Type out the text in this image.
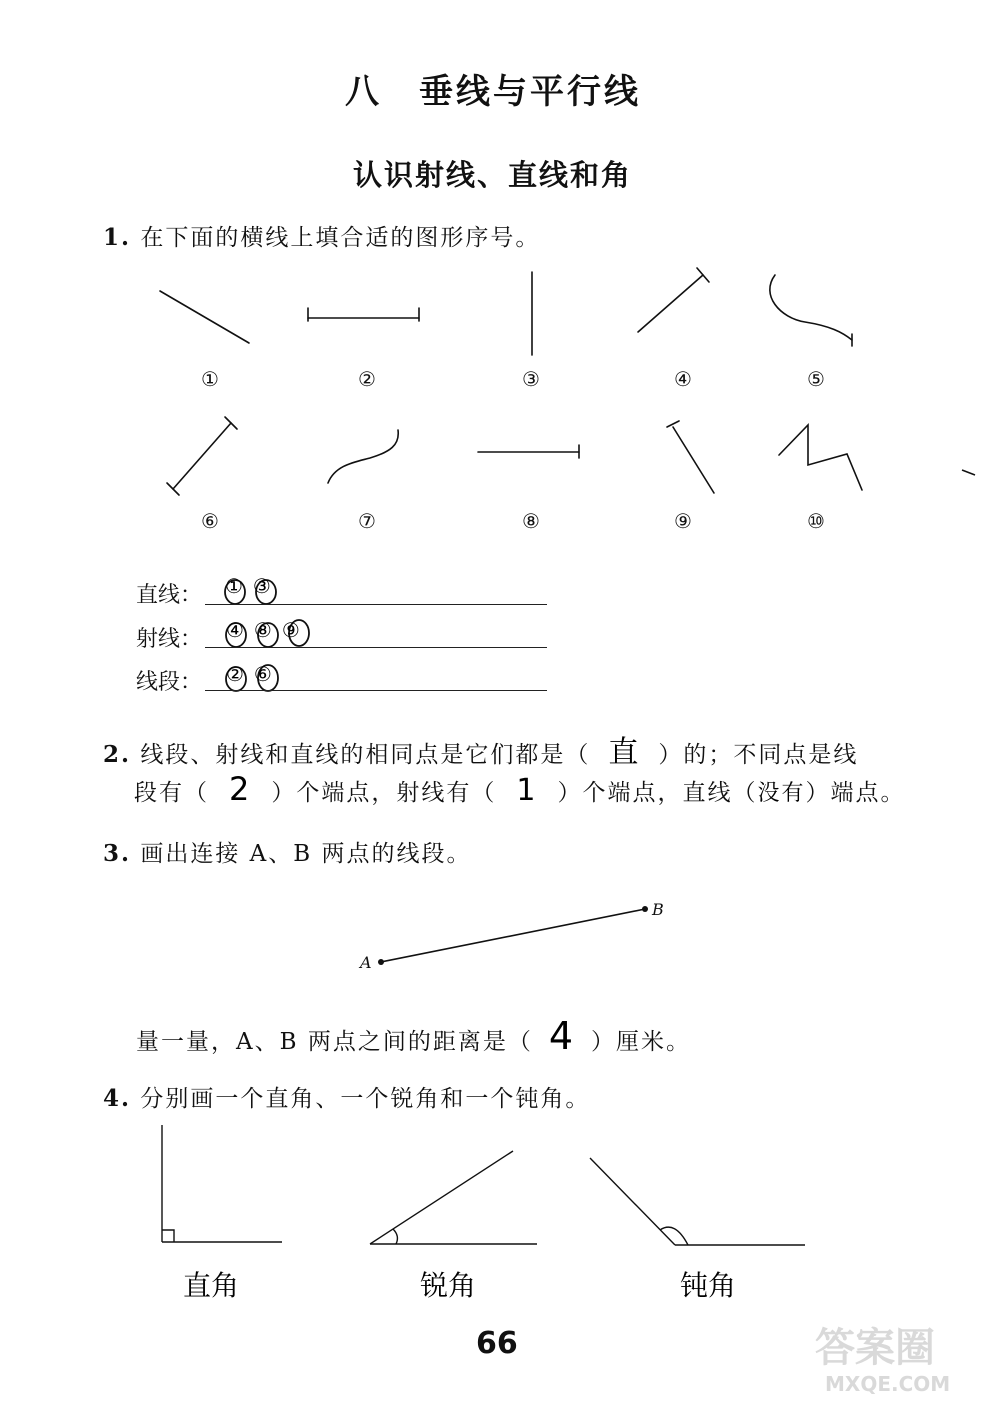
八　垂线与平行线
认识射线、直线和角
1. 在下面的横线上填合适的图形序号。
①	②	③	④	⑤
⑥	⑦	⑧	⑨	⑩
直线： ①③
射线： ④⑧⑨
线段： ②⑥
2. 线段、射线和直线的相同点是它们都是（ 直 ）的；不同点是线
段有（ 2 ）个端点，射线有（ 1 ）个端点，直线（没有）端点。
3. 画出连接 A、B 两点的线段。
A
B
量一量，A、B 两点之间的距离是（ 4 ）厘米。
4. 分别画一个直角、一个锐角和一个钝角。
直角	锐角	钝角
66	答案圈
MXQE.COM
